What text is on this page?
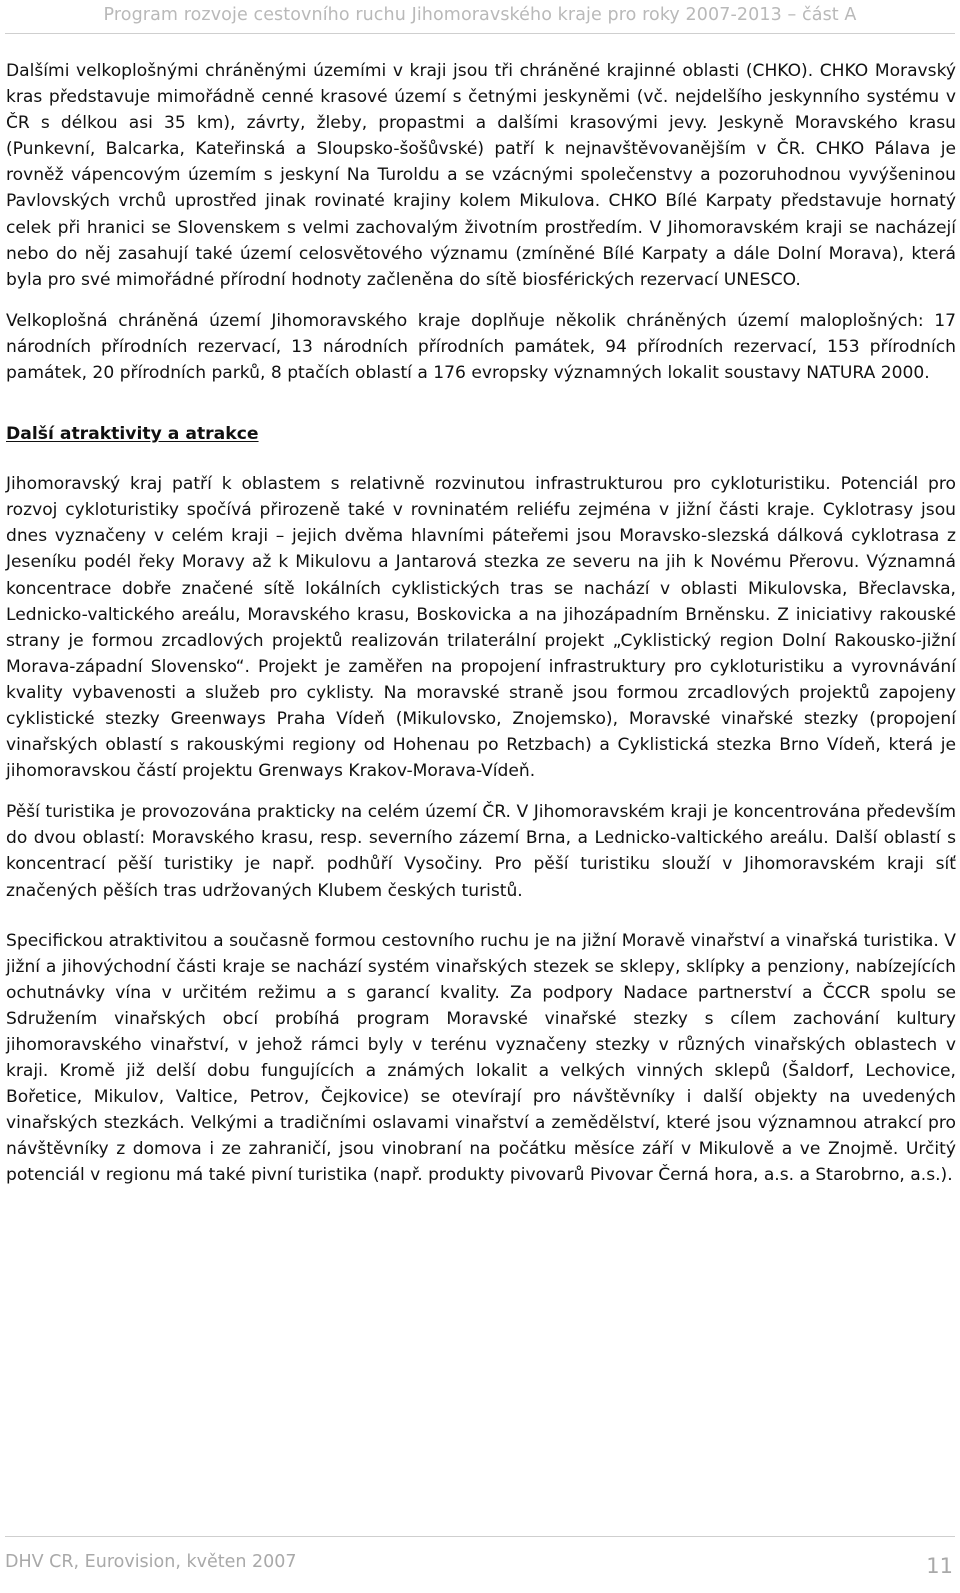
Program rozvoje cestovního ruchu Jihomoravského kraje pro roky 2007-2013 – část A

Dalšími velkoplošnými chráněnými územími v kraji jsou tři chráněné krajinné oblasti (CHKO). CHKO Moravský kras představuje mimořádně cenné krasové území s četnými jeskyněmi (vč. nejdelšího jeskynního systému v ČR s délkou asi 35 km), závrty, žleby, propastmi a dalšími krasovými jevy. Jeskyně Moravského krasu (Punkevní, Balcarka, Kateřinská a Sloupsko-šošůvské) patří k nejnavštěvovanějším v ČR. CHKO Pálava je rovněž vápencovým územím s jeskyní Na Turoldu a se vzácnými společenstvy a pozoruhodnou vyvýšeninou Pavlovských vrchů uprostřed jinak rovinaté krajiny kolem Mikulova. CHKO Bílé Karpaty představuje hornatý celek při hranici se Slovenskem s velmi zachovalým životním prostředím. V Jihomoravském kraji se nacházejí nebo do něj zasahují také území celosvětového významu (zmíněné Bílé Karpaty a dále Dolní Morava), která byla pro své mimořádné přírodní hodnoty začleněna do sítě biosférických rezervací UNESCO.

Velkoplošná chráněná území Jihomoravského kraje doplňuje několik chráněných území maloplošných: 17 národních přírodních rezervací, 13 národních přírodních památek, 94 přírodních rezervací, 153 přírodních památek, 20 přírodních parků, 8 ptačích oblastí a 176 evropsky významných lokalit soustavy NATURA 2000.

Další atraktivity a atrakce

Jihomoravský kraj patří k oblastem s relativně rozvinutou infrastrukturou pro cykloturistiku. Potenciál pro rozvoj cykloturistiky spočívá přirozeně také v rovninatém reliéfu zejména v jižní části kraje. Cyklotrasy jsou dnes vyznačeny v celém kraji – jejich dvěma hlavními páteřemi jsou Moravsko-slezská dálková cyklotrasa z Jeseníku podél řeky Moravy až k Mikulovu a Jantarová stezka ze severu na jih k Novému Přerovu. Významná koncentrace dobře značené sítě lokálních cyklistických tras se nachází v oblasti Mikulovska, Břeclavska, Lednicko-valtického areálu, Moravského krasu, Boskovicka a na jihozápadním Brněnsku. Z iniciativy rakouské strany je formou zrcadlových projektů realizován trilaterální projekt „Cyklistický region Dolní Rakousko-jižní Morava-západní Slovensko“. Projekt je zaměřen na propojení infrastruktury pro cykloturistiku a vyrovnávání kvality vybavenosti a služeb pro cyklisty. Na moravské straně jsou formou zrcadlových projektů zapojeny cyklistické stezky Greenways Praha Vídeň (Mikulovsko, Znojemsko), Moravské vinařské stezky (propojení vinařských oblastí s rakouskými regiony od Hohenau po Retzbach) a Cyklistická stezka Brno Vídeň, která je jihomoravskou částí projektu Grenways Krakov-Morava-Vídeň.

Pěší turistika je provozována prakticky na celém území ČR. V Jihomoravském kraji je koncentrována především do dvou oblastí: Moravského krasu, resp. severního zázemí Brna, a Lednicko-valtického areálu. Další oblastí s koncentrací pěší turistiky je např. podhůří Vysočiny. Pro pěší turistiku slouží v Jihomoravském kraji síť značených pěších tras udržovaných Klubem českých turistů.

Specifickou atraktivitou a současně formou cestovního ruchu je na jižní Moravě vinařství a vinařská turistika. V jižní a jihovýchodní části kraje se nachází systém vinařských stezek se sklepy, sklípky a penziony, nabízejících ochutnávky vína v určitém režimu a s garancí kvality. Za podpory Nadace partnerství a ČCCR spolu se Sdružením vinařských obcí probíhá program Moravské vinařské stezky s cílem zachování kultury jihomoravského vinařství, v jehož rámci byly v terénu vyznačeny stezky v různých vinařských oblastech v kraji. Kromě již delší dobu fungujících a známých lokalit a velkých vinných sklepů (Šaldorf, Lechovice, Bořetice, Mikulov, Valtice, Petrov, Čejkovice) se otevírají pro návštěvníky i další objekty na uvedených vinařských stezkách. Velkými a tradičními oslavami vinařství a zemědělství, které jsou významnou atrakcí pro návštěvníky z domova i ze zahraničí, jsou vinobraní na počátku měsíce září v Mikulově a ve Znojmě. Určitý potenciál v regionu má také pivní turistika (např. produkty pivovarů Pivovar Černá hora, a.s. a Starobrno, a.s.).

DHV CR, Eurovision, květen 2007	11
